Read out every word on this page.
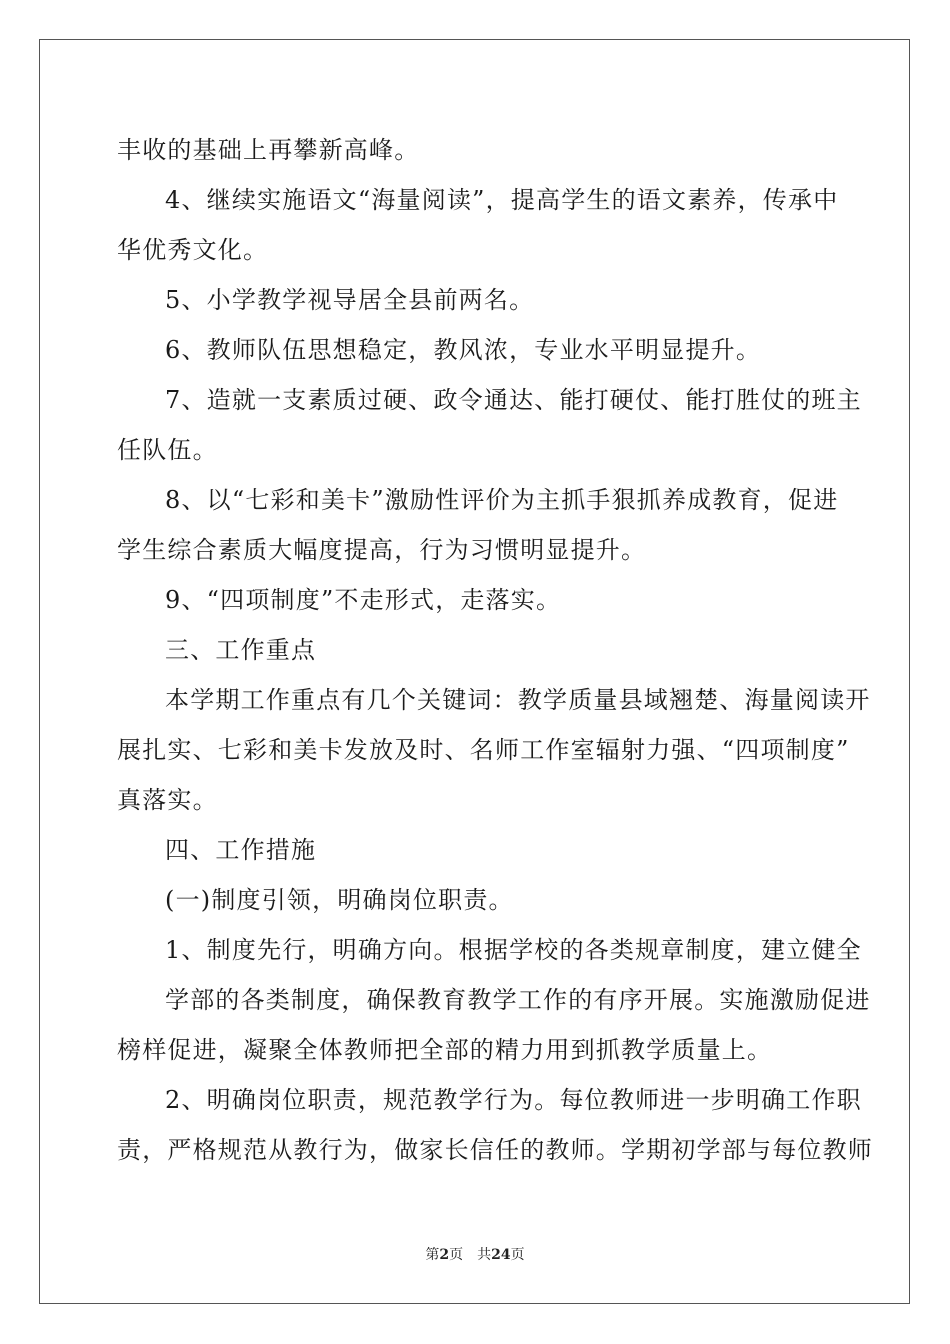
丰收的基础上再攀新高峰。
4、继续实施语文“海量阅读”，提高学生的语文素养，传承中
华优秀文化。
5、小学教学视导居全县前两名。
6、教师队伍思想稳定，教风浓，专业水平明显提升。
7、造就一支素质过硬、政令通达、能打硬仗、能打胜仗的班主
任队伍。
8、以“七彩和美卡”激励性评价为主抓手狠抓养成教育，促进
学生综合素质大幅度提高，行为习惯明显提升。
9、“四项制度”不走形式，走落实。
三、工作重点
本学期工作重点有几个关键词：教学质量县域翘楚、海量阅读开
展扎实、七彩和美卡发放及时、名师工作室辐射力强、“四项制度”
真落实。
四、工作措施
(一)制度引领，明确岗位职责。
1、制度先行，明确方向。根据学校的各类规章制度，建立健全
学部的各类制度，确保教育教学工作的有序开展。实施激励促进
榜样促进，凝聚全体教师把全部的精力用到抓教学质量上。
2、明确岗位职责，规范教学行为。每位教师进一步明确工作职
责，严格规范从教行为，做家长信任的教师。学期初学部与每位教师
第2页 共24页
